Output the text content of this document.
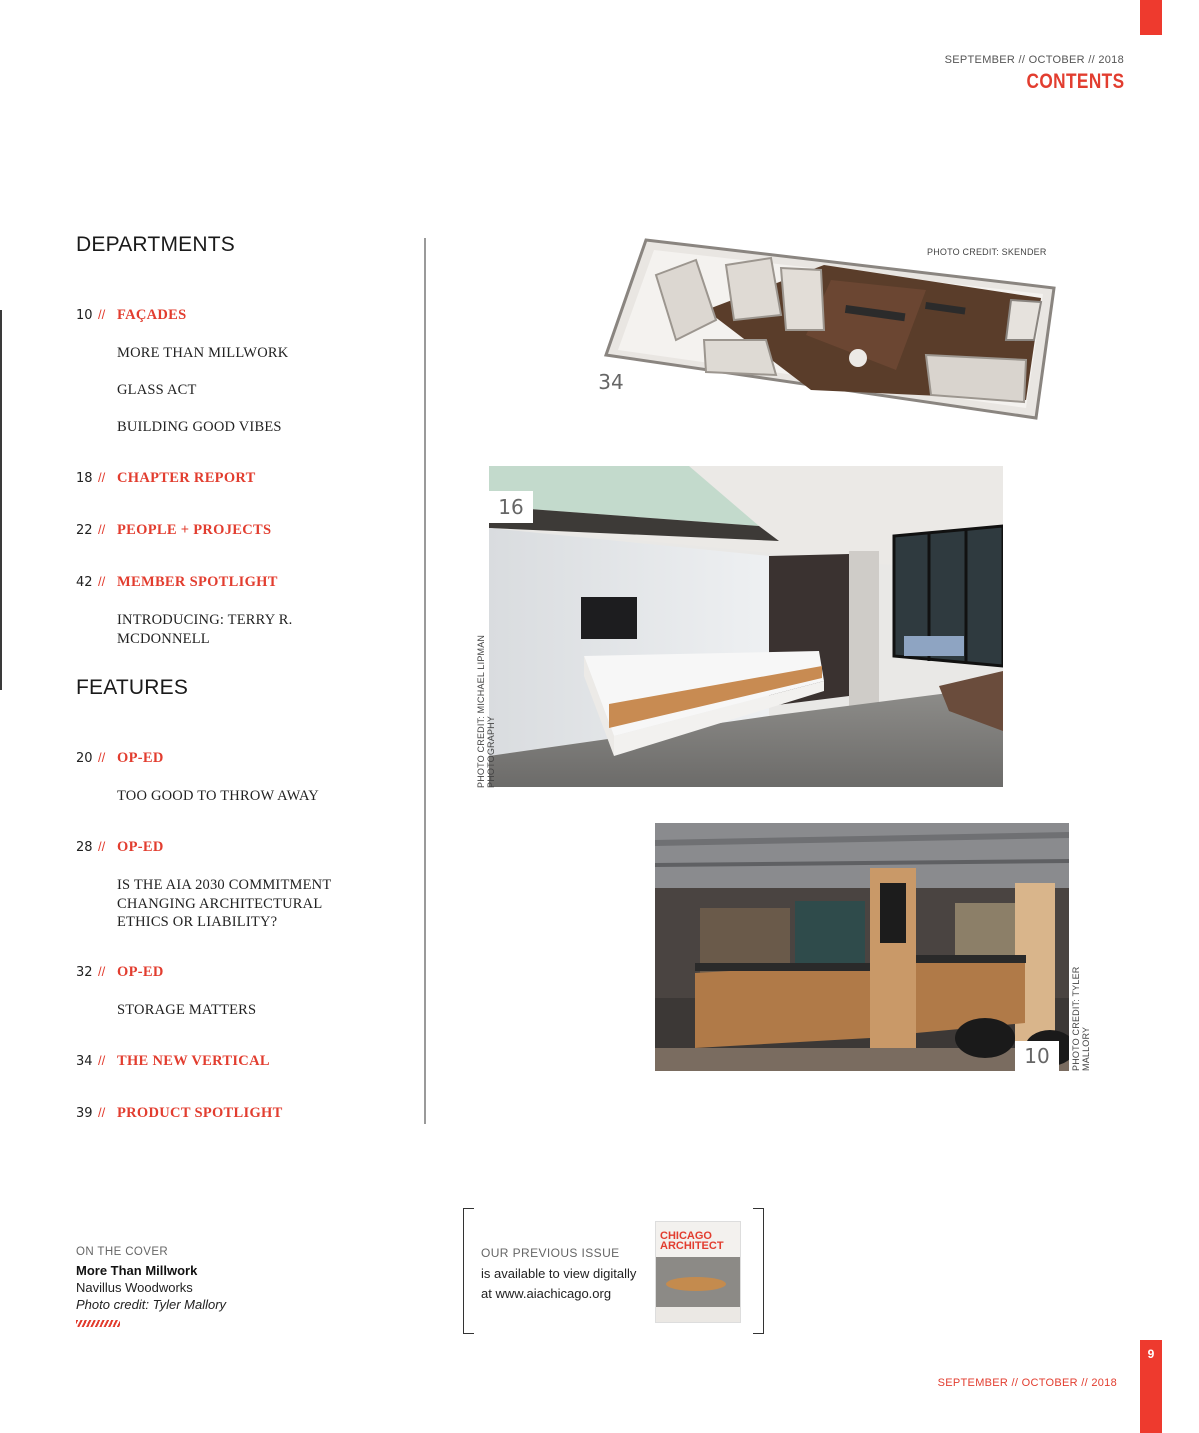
SEPTEMBER // OCTOBER // 2018
CONTENTS
DEPARTMENTS
10 // FAÇADES
MORE THAN MILLWORK
GLASS ACT
BUILDING GOOD VIBES
18 // CHAPTER REPORT
22 // PEOPLE + PROJECTS
42 // MEMBER SPOTLIGHT
INTRODUCING: TERRY R. MCDONNELL
FEATURES
20 // OP-ED
TOO GOOD TO THROW AWAY
28 // OP-ED
IS THE AIA 2030 COMMITMENT CHANGING ARCHITECTURAL ETHICS OR LIABILITY?
32 // OP-ED
STORAGE MATTERS
34 // THE NEW VERTICAL
39 // PRODUCT SPOTLIGHT
34
PHOTO CREDIT: SKENDER
16
PHOTO CREDIT: MICHAEL LIPMAN PHOTOGRAPHY
10	PHOTO CREDIT: TYLER MALLORY
ON THE COVER
More Than Millwork
Navillus Woodworks
Photo credit: Tyler Mallory
OUR PREVIOUS ISSUE
is available to view digitally
at www.aiachicago.org
CHICAGO
ARCHITECT
SEPTEMBER // OCTOBER // 2018
9
